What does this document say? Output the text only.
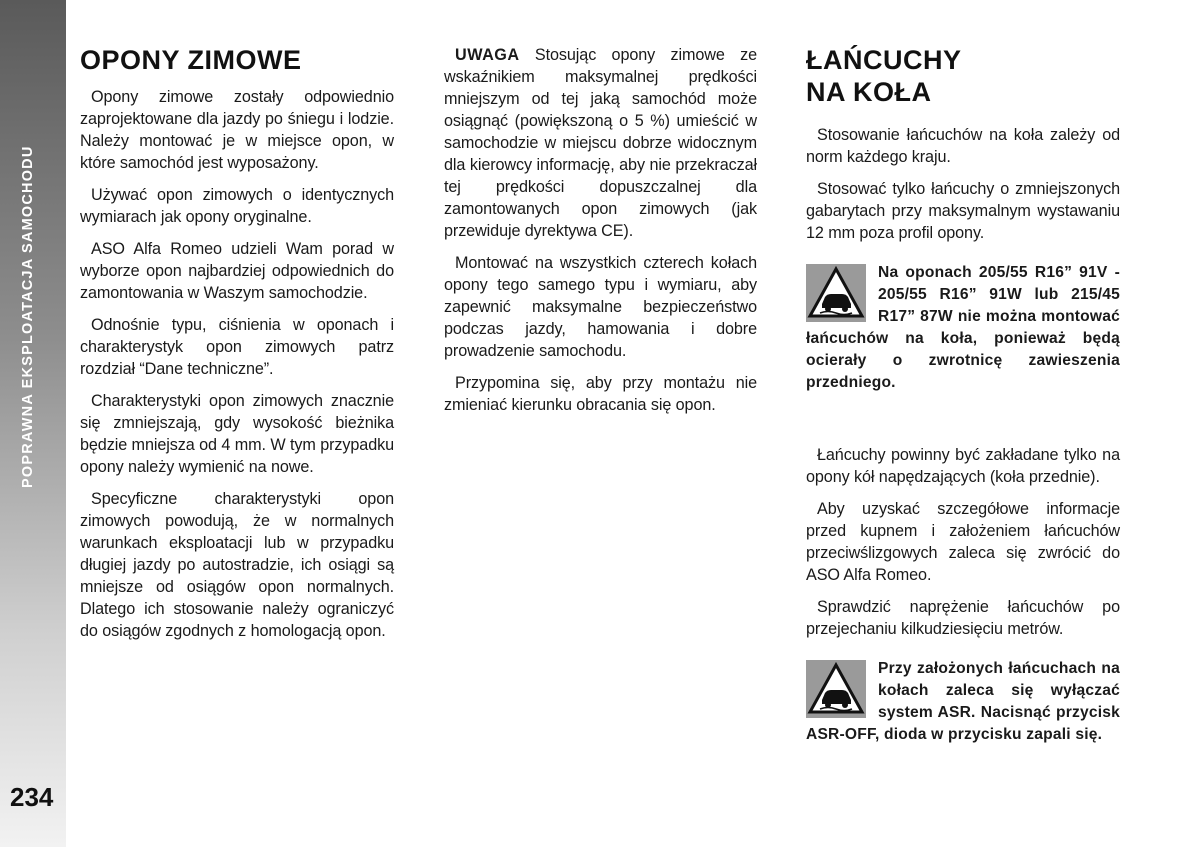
POPRAWNA EKSPLOATACJA SAMOCHODU
234
OPONY ZIMOWE

Opony zimowe zostały odpowiednio zaprojektowane dla jazdy po śniegu i lodzie. Należy montować je w miejsce opon, w które samochód jest wyposażony.

Używać opon zimowych o identycznych wymiarach jak opony oryginalne.

ASO Alfa Romeo udzieli Wam porad w wyborze opon najbardziej odpowiednich do zamontowania w Waszym samochodzie.

Odnośnie typu, ciśnienia w oponach i charakterystyk opon zimowych patrz rozdział “Dane techniczne”.

Charakterystyki opon zimowych znacznie się zmniejszają, gdy wysokość bieżnika będzie mniejsza od 4 mm. W tym przypadku opony należy wymienić na nowe.

Specyficzne charakterystyki opon zimowych powodują, że w normalnych warunkach eksploatacji lub w przypadku długiej jazdy po autostradzie, ich osiągi są mniejsze od osiągów opon normalnych. Dlatego ich stosowanie należy ograniczyć do osiągów zgodnych z homologacją opon.

UWAGA Stosując opony zimowe ze wskaźnikiem maksymalnej prędkości mniejszym od tej jaką samochód może osiągnąć (powiększoną o 5 %) umieścić w samochodzie w miejscu dobrze widocznym dla kierowcy informację, aby nie przekraczał tej prędkości dopuszczalnej dla zamontowanych opon zimowych (jak przewiduje dyrektywa CE).

Montować na wszystkich czterech kołach opony tego samego typu i wymiaru, aby zapewnić maksymalne bezpieczeństwo podczas jazdy, hamowania i dobre prowadzenie samochodu.

Przypomina się, aby przy montażu nie zmieniać kierunku obracania się opon.

ŁAŃCUCHY
NA KOŁA

Stosowanie łańcuchów na koła zależy od norm każdego kraju.

Stosować tylko łańcuchy o zmniejszonych gabarytach przy maksymalnym wystawaniu 12 mm poza profil opony.

Na oponach 205/55 R16” 91V - 205/55 R16” 91W lub 215/45 R17” 87W nie można montować łańcuchów na koła, ponieważ będą ocierały o zwrotnicę zawieszenia przedniego.

Łańcuchy powinny być zakładane tylko na opony kół napędzających (koła przednie).

Aby uzyskać szczegółowe informacje przed kupnem i założeniem łańcuchów przeciwślizgowych zaleca się zwrócić do ASO Alfa Romeo.

Sprawdzić naprężenie łańcuchów po przejechaniu kilkudziesięciu metrów.

Przy założonych łańcuchach na kołach zaleca się wyłączać system ASR. Nacisnąć przycisk ASR-OFF, dioda w przycisku zapali się.
